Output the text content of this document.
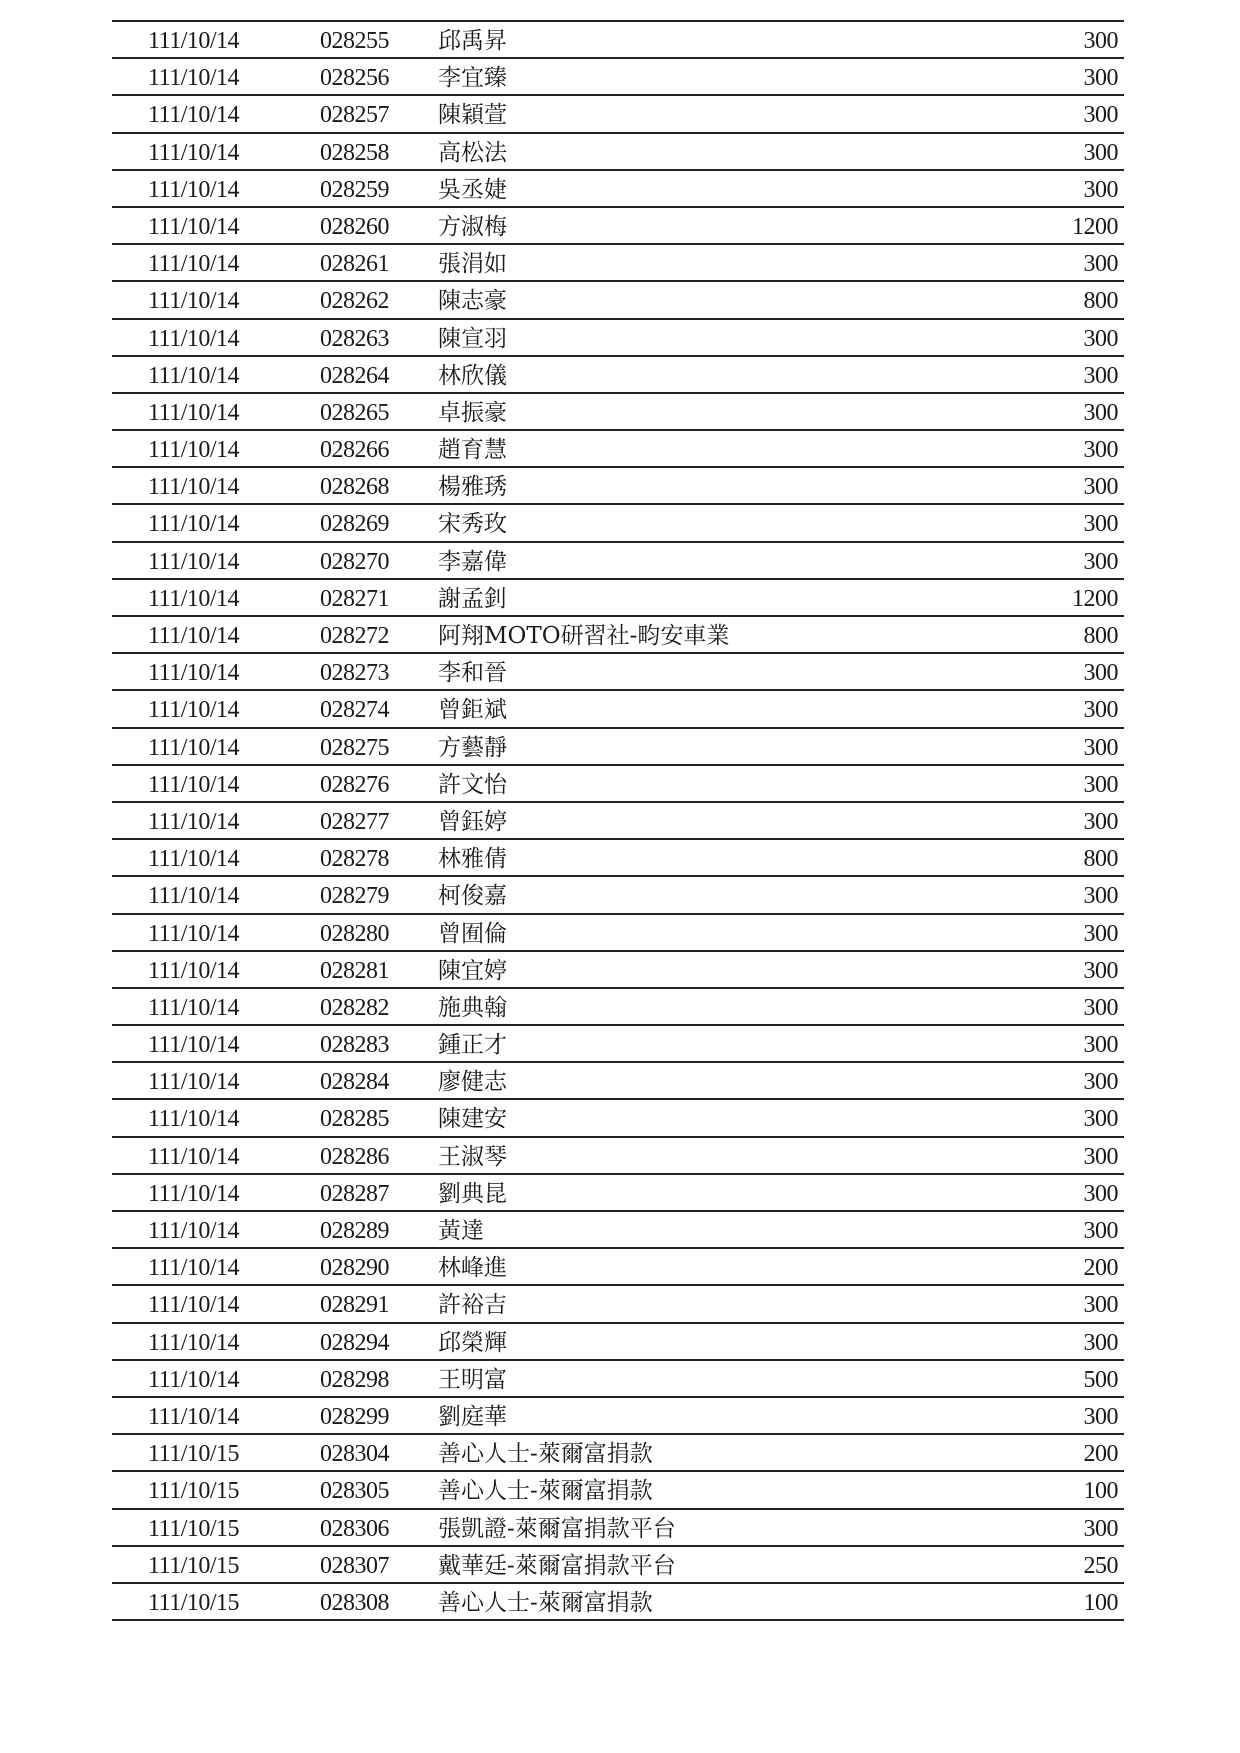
111/10/14	028255 邱禹昇	300
111/10/14	028256 李宜臻	300
111/10/14	028257 陳穎萱	300
111/10/14	028258 高松法	300
111/10/14	028259 吳丞婕	300
111/10/14	028260 方淑梅	1200
111/10/14	028261 張涓如	300
111/10/14	028262 陳志豪	800
111/10/14	028263 陳宣羽	300
111/10/14	028264 林欣儀	300
111/10/14	028265 卓振豪	300
111/10/14	028266 趙育慧	300
111/10/14	028268 楊雅琇	300
111/10/14	028269 宋秀玫	300
111/10/14	028270 李嘉偉	300
111/10/14	028271 謝孟釗	1200
111/10/14	028272 阿翔MOTO研習社-畇安車業	800
111/10/14	028273 李和晉	300
111/10/14	028274 曾鉅斌	300
111/10/14	028275 方藝靜	300
111/10/14	028276 許文怡	300
111/10/14	028277 曾鈺婷	300
111/10/14	028278 林雅倩	800
111/10/14	028279 柯俊嘉	300
111/10/14	028280 曾囿倫	300
111/10/14	028281 陳宜婷	300
111/10/14	028282 施典翰	300
111/10/14	028283 鍾正才	300
111/10/14	028284 廖健志	300
111/10/14	028285 陳建安	300
111/10/14	028286 王淑琴	300
111/10/14	028287 劉典昆	300
111/10/14	028289 黃達	300
111/10/14	028290 林峰進	200
111/10/14	028291 許裕吉	300
111/10/14	028294 邱榮輝	300
111/10/14	028298 王明富	500
111/10/14	028299 劉庭華	300
111/10/15	028304 善心人士-萊爾富捐款	200
111/10/15	028305 善心人士-萊爾富捐款	100
111/10/15	028306 張凱證-萊爾富捐款平台	300
111/10/15	028307 戴華廷-萊爾富捐款平台	250
111/10/15	028308 善心人士-萊爾富捐款	100
